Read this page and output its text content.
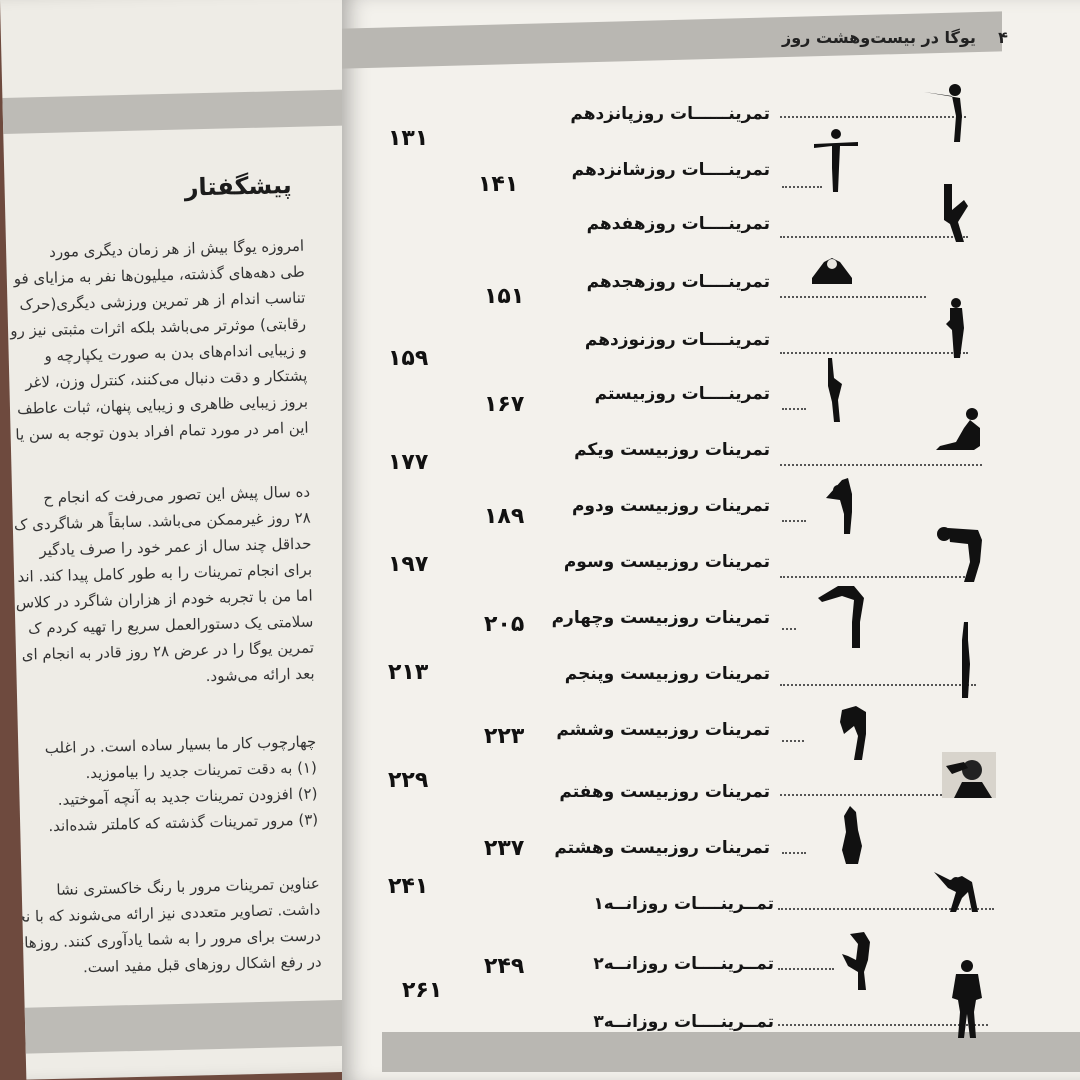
پیشگفتار
امروزه یوگا بیش از هر زمان دیگری مورد
طی دهه‌های گذشته، میلیون‌ها نفر به مزایای فو
تناسب اندام از هر تمرین ورزشی دیگری(حرک
رقابتی) موثرتر می‌باشد بلکه اثرات مثبتی نیز رو
و زیبایی اندام‌های بدن به صورت یکپارچه و
پشتکار و دقت دنبال می‌کنند، کنترل وزن، لاغر
بروز زیبایی ظاهری و زیبایی پنهان، ثبات عاطف
این امر در مورد تمام افراد بدون توجه به سن یا
ده سال پیش این تصور می‌رفت که انجام ح
۲۸ روز غیرممکن می‌باشد. سابقاً هر شاگردی ک
حداقل چند سال از عمر خود را صرف یادگیر
برای انجام تمرینات را به طور کامل پیدا کند. اند
اما من با تجربه خودم از هزاران شاگرد در کلاس
سلامتی یک دستورالعمل سریع را تهیه کردم ک
تمرین یوگا را در عرض ۲۸ روز قادر به انجام ای
بعد ارائه می‌شود.
چهارچوب کار ما بسیار ساده است. در اغلب
(۱) به دقت تمرینات جدید را بیاموزید.
(۲) افزودن تمرینات جدید به آنچه آموختید.
(۳) مرور تمرینات گذشته که کاملتر شده‌اند.
عناوین تمرینات مرور با رنگ خاکستری نشا
داشت. تصاویر متعددی نیز ارائه می‌شوند که با نحو
درست برای مرور را به شما یادآوری کنند. روزهای
در رفع اشکال روزهای قبل مفید است.
۴    یوگا در بیست‌وهشت روز
تمرینــــــات روزپانزدهم
۱۳۱
تمرینــــات روزشانزدهم
۱۴۱
تمرینــــات روزهفدهم
تمرینــــات روزهجدهم
۱۵۱
تمرینــــات روزنوزدهم
۱۵۹
تمرینــــات روزبیستم
۱۶۷
تمرینات روزبیست ویکم
۱۷۷
تمرینات روزبیست ودوم
۱۸۹
تمرینات روزبیست وسوم
۱۹۷
تمرینات روزبیست وچهارم
۲۰۵
تمرینات روزبیست وپنجم
۲۱۳
تمرینات روزبیست وششم
۲۲۳
تمرینات روزبیست وهفتم
۲۲۹
تمرینات روزبیست وهشتم
۲۳۷
تمــرینــــات روزانــه۱
۲۴۱
تمــرینــــات روزانــه۲
۲۴۹
تمــرینــــات روزانــه۳
۲۶۱
